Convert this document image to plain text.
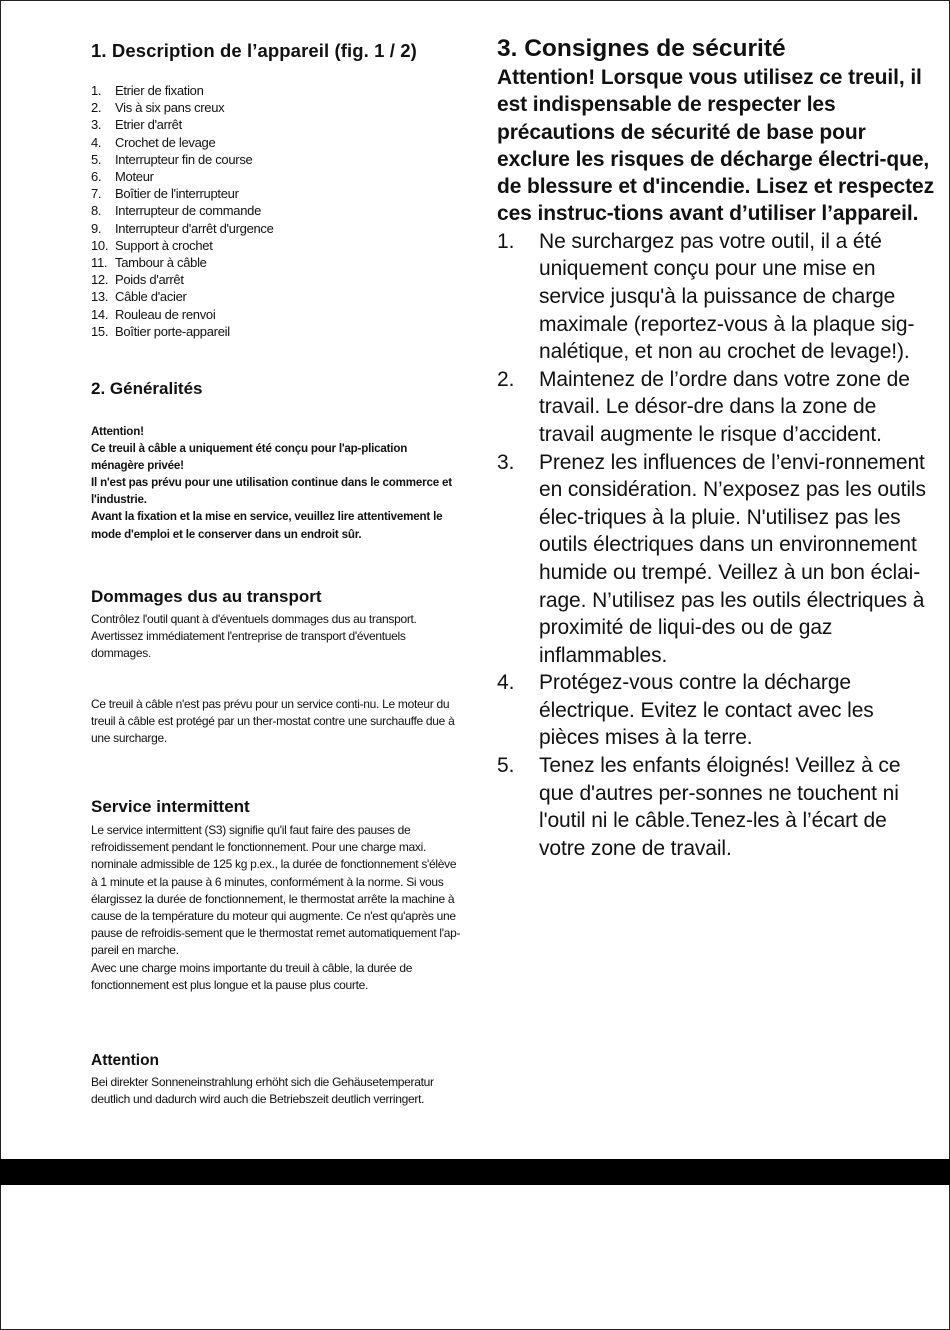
1. Description de l’appareil (fig. 1 / 2)
1.	Etrier de fixation
2.	Vis à six pans creux
3.	Etrier d'arrêt
4.	Crochet de levage
5.	Interrupteur fin de course
6.	Moteur
7.	Boîtier de l'interrupteur
8.	Interrupteur de commande
9.	Interrupteur d'arrêt d'urgence
10. Support à crochet
11. Tambour à câble
12. Poids d'arrêt
13. Câble d'acier
14. Rouleau de renvoi
15. Boîtier porte-appareil
2. Généralités

Attention!

Ce treuil à câble a uniquement été conçu pour l'ap-plication ménagère privée!

Il n'est pas prévu pour une utilisation continue dans le commerce et l'industrie.

Avant la fixation et la mise en service, veuillez lire attentivement le mode d'emploi et le conserver dans un endroit sûr.

Dommages dus au transport

Contrôlez l'outil quant à d'éventuels dommages dus au transport.

Avertissez immédiatement l'entreprise de transport d'éventuels dommages.

Ce treuil à câble n'est pas prévu pour un service conti-nu. Le moteur du treuil à câble est protégé par un ther-mostat contre une surchauffe due à une surcharge.

Service intermittent

Le service intermittent (S3) signifie qu'il faut faire des pauses de refroidissement pendant le fonctionnement. Pour une charge maxi. nominale admissible de 125 kg p.ex., la durée de fonctionnement s'élève à 1 minute et la pause à 6 minutes, conformément à la norme. Si vous élargissez la durée de fonctionnement, le thermostat arrête la machine à cause de la température du moteur qui augmente. Ce n'est qu'après une pause de refroidis-sement que le thermostat remet automatiquement l'ap-pareil en marche.

Avec une charge moins importante du treuil à câble, la durée de fonctionnement est plus longue et la pause plus courte.

Attention

Bei direkter Sonneneinstrahlung erhöht sich die Gehäusetemperatur deutlich und dadurch wird auch die Betriebszeit deutlich verringert.

3. Consignes de sécurité

Attention! Lorsque vous utilisez ce treuil, il est indispensable de respecter les précautions de sécurité de base pour exclure les risques de décharge électri-que, de blessure et d'incendie. Lisez et respectez ces instruc-tions avant d’utiliser l’appareil.

1.	Ne surchargez pas votre outil, il a été uniquement conçu pour une mise en service jusqu'à la puissance de charge maximale (reportez-vous à la plaque sig-nalétique, et non au crochet de levage!).
2.	Maintenez de l’ordre dans votre zone de travail. Le désor-dre dans la zone de travail augmente le risque d’accident.
3.	Prenez les influences de l’envi-ronnement en considération. N’exposez pas les outils élec-triques à la pluie. N'utilisez pas les outils électriques dans un environnement humide ou trempé. Veillez à un bon éclai-rage. N’utilisez pas les outils électriques à proximité de liqui-des ou de gaz inflammables.
4.	Protégez-vous contre la décharge électrique. Evitez le contact avec les pièces mises à la terre.
5.	Tenez les enfants éloignés! Veillez à ce que d'autres per-sonnes ne touchent ni l'outil ni le câble.Tenez-les à l’écart de votre zone de travail.
